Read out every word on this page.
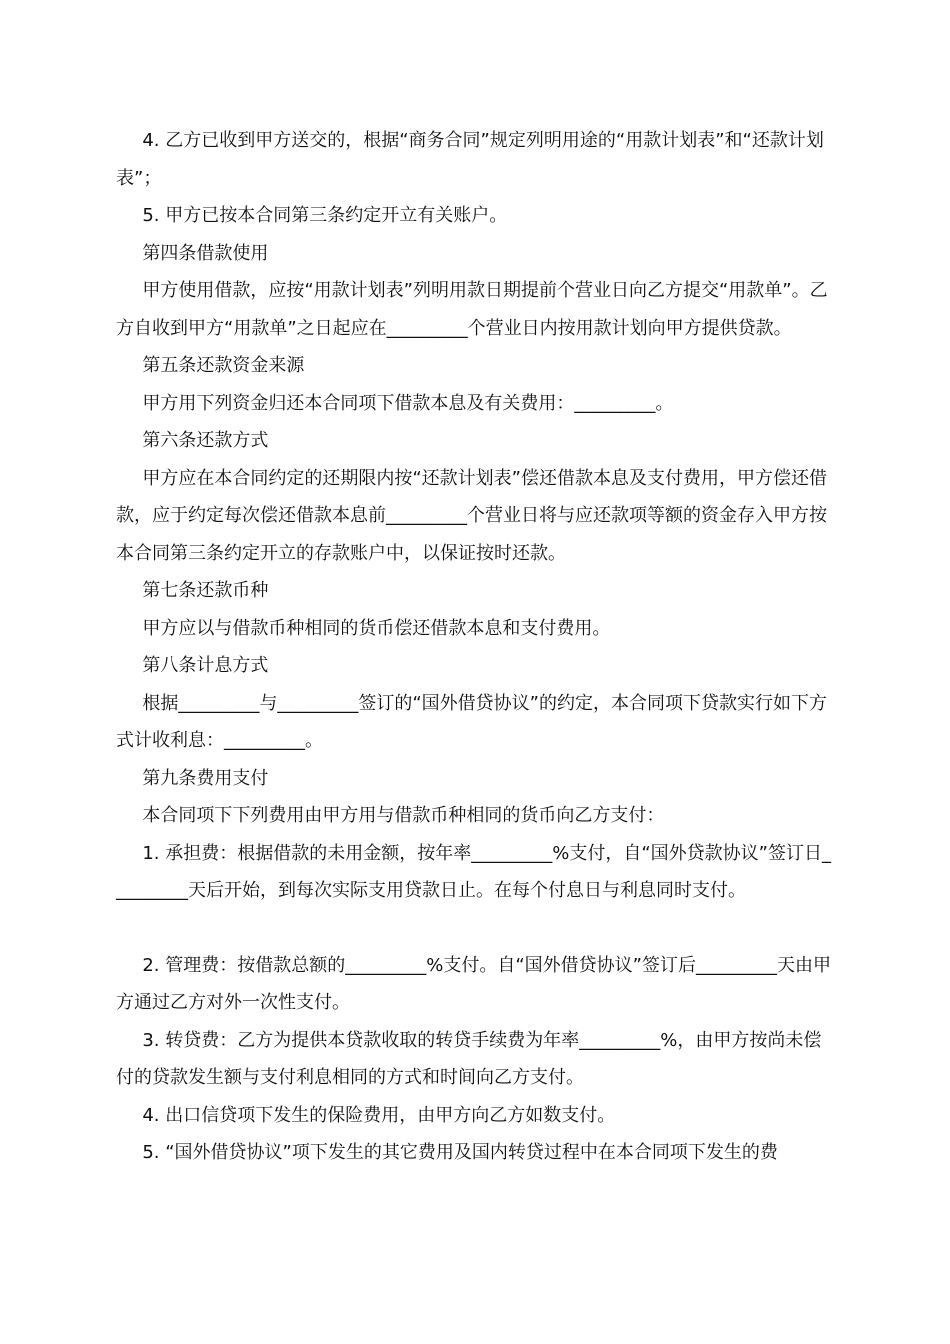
4. 乙方已收到甲方送交的，根据“商务合同”规定列明用途的“用款计划表”和“还款计划表”；

5. 甲方已按本合同第三条约定开立有关账户。

第四条借款使用

甲方使用借款，应按“用款计划表”列明用款日期提前个营业日向乙方提交“用款单”。乙方自收到甲方“用款单”之日起应在_________个营业日内按用款计划向甲方提供贷款。

第五条还款资金来源

甲方用下列资金归还本合同项下借款本息及有关费用：_________。

第六条还款方式

甲方应在本合同约定的还期限内按“还款计划表”偿还借款本息及支付费用，甲方偿还借款，应于约定每次偿还借款本息前_________个营业日将与应还款项等额的资金存入甲方按本合同第三条约定开立的存款账户中，以保证按时还款。

第七条还款币种

甲方应以与借款币种相同的货币偿还借款本息和支付费用。

第八条计息方式

根据_________与_________签订的“国外借贷协议”的约定，本合同项下贷款实行如下方式计收利息：_________。

第九条费用支付

本合同项下下列费用由甲方用与借款币种相同的货币向乙方支付：

1. 承担费：根据借款的未用金额，按年率_________%支付，自“国外贷款协议”签订日_________天后开始，到每次实际支用贷款日止。在每个付息日与利息同时支付。

2. 管理费：按借款总额的_________%支付。自“国外借贷协议”签订后_________天由甲方通过乙方对外一次性支付。

3. 转贷费：乙方为提供本贷款收取的转贷手续费为年率_________%，由甲方按尚未偿付的贷款发生额与支付利息相同的方式和时间向乙方支付。

4. 出口信贷项下发生的保险费用，由甲方向乙方如数支付。

5. “国外借贷协议”项下发生的其它费用及国内转贷过程中在本合同项下发生的费
